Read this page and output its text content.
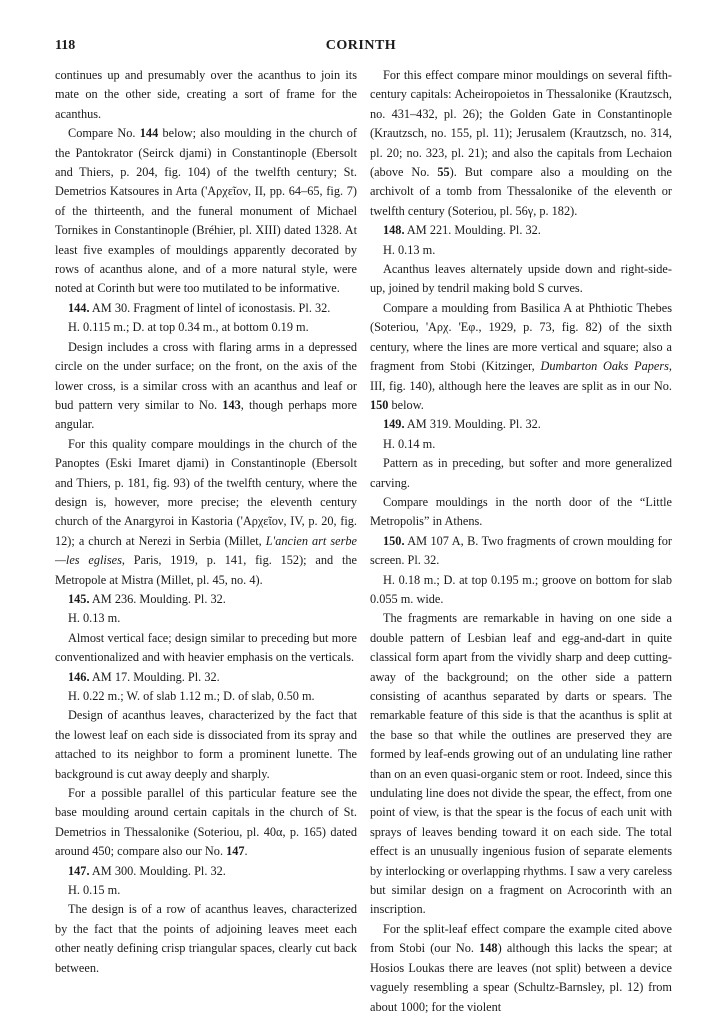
118	CORINTH

continues up and presumably over the acanthus to join its mate on the other side, creating a sort of frame for the acanthus.

Compare No. 144 below; also moulding in the church of the Pantokrator (Seirck djami) in Constantinople (Ebersolt and Thiers, p. 204, fig. 104) of the twelfth century; St. Demetrios Katsoures in Arta ('Αρχεῖον, II, pp. 64–65, fig. 7) of the thirteenth, and the funeral monument of Michael Tornikes in Constantinople (Bréhier, pl. XIII) dated 1328. At least five examples of mouldings apparently decorated by rows of acanthus alone, and of a more natural style, were noted at Corinth but were too mutilated to be informative.

144. AM 30. Fragment of lintel of iconostasis. Pl. 32.

H. 0.115 m.; D. at top 0.34 m., at bottom 0.19 m.

Design includes a cross with flaring arms in a depressed circle on the under surface; on the front, on the axis of the lower cross, is a similar cross with an acanthus and leaf or bud pattern very similar to No. 143, though perhaps more angular.

For this quality compare mouldings in the church of the Panoptes (Eski Imaret djami) in Constantinople (Ebersolt and Thiers, p. 181, fig. 93) of the twelfth century, where the design is, however, more precise; the eleventh century church of the Anargyroi in Kastoria ('Αρχεῖον, IV, p. 20, fig. 12); a church at Nerezi in Serbia (Millet, L'ancien art serbe—les eglises, Paris, 1919, p. 141, fig. 152); and the Metropole at Mistra (Millet, pl. 45, no. 4).

145. AM 236. Moulding. Pl. 32.

H. 0.13 m.

Almost vertical face; design similar to preceding but more conventionalized and with heavier emphasis on the verticals.

146. AM 17. Moulding. Pl. 32.

H. 0.22 m.; W. of slab 1.12 m.; D. of slab, 0.50 m.

Design of acanthus leaves, characterized by the fact that the lowest leaf on each side is dissociated from its spray and attached to its neighbor to form a prominent lunette. The background is cut away deeply and sharply.

For a possible parallel of this particular feature see the base moulding around certain capitals in the church of St. Demetrios in Thessalonike (Soteriou, pl. 40α, p. 165) dated around 450; compare also our No. 147.

147. AM 300. Moulding. Pl. 32.

H. 0.15 m.

The design is of a row of acanthus leaves, characterized by the fact that the points of adjoining leaves meet each other neatly defining crisp triangular spaces, clearly cut back between.

For this effect compare minor mouldings on several fifth-century capitals: Acheiropoietos in Thessalonike (Krautzsch, no. 431–432, pl. 26); the Golden Gate in Constantinople (Krautzsch, no. 155, pl. 11); Jerusalem (Krautzsch, no. 314, pl. 20; no. 323, pl. 21); and also the capitals from Lechaion (above No. 55). But compare also a moulding on the archivolt of a tomb from Thessalonike of the eleventh or twelfth century (Soteriou, pl. 56γ, p. 182).

148. AM 221. Moulding. Pl. 32.

H. 0.13 m.

Acanthus leaves alternately upside down and right-side-up, joined by tendril making bold S curves.

Compare a moulding from Basilica A at Phthiotic Thebes (Soteriou, 'Αρχ. 'Εφ., 1929, p. 73, fig. 82) of the sixth century, where the lines are more vertical and square; also a fragment from Stobi (Kitzinger, Dumbarton Oaks Papers, III, fig. 140), although here the leaves are split as in our No. 150 below.

149. AM 319. Moulding. Pl. 32.

H. 0.14 m.

Pattern as in preceding, but softer and more generalized carving.

Compare mouldings in the north door of the “Little Metropolis” in Athens.

150. AM 107 A, B. Two fragments of crown moulding for screen. Pl. 32.

H. 0.18 m.; D. at top 0.195 m.; groove on bottom for slab 0.055 m. wide.

The fragments are remarkable in having on one side a double pattern of Lesbian leaf and egg-and-dart in quite classical form apart from the vividly sharp and deep cutting-away of the background; on the other side a pattern consisting of acanthus separated by darts or spears. The remarkable feature of this side is that the acanthus is split at the base so that while the outlines are preserved they are formed by leaf-ends growing out of an undulating line rather than on an even quasi-organic stem or root. Indeed, since this undulating line does not divide the spear, the effect, from one point of view, is that the spear is the focus of each unit with sprays of leaves bending toward it on each side. The total effect is an unusually ingenious fusion of separate elements by interlocking or overlapping rhythms. I saw a very careless but similar design on a fragment on Acrocorinth with an inscription.

For the split-leaf effect compare the example cited above from Stobi (our No. 148) although this lacks the spear; at Hosios Loukas there are leaves (not split) between a device vaguely resembling a spear (Schultz-Barnsley, pl. 12) from about 1000; for the violent
